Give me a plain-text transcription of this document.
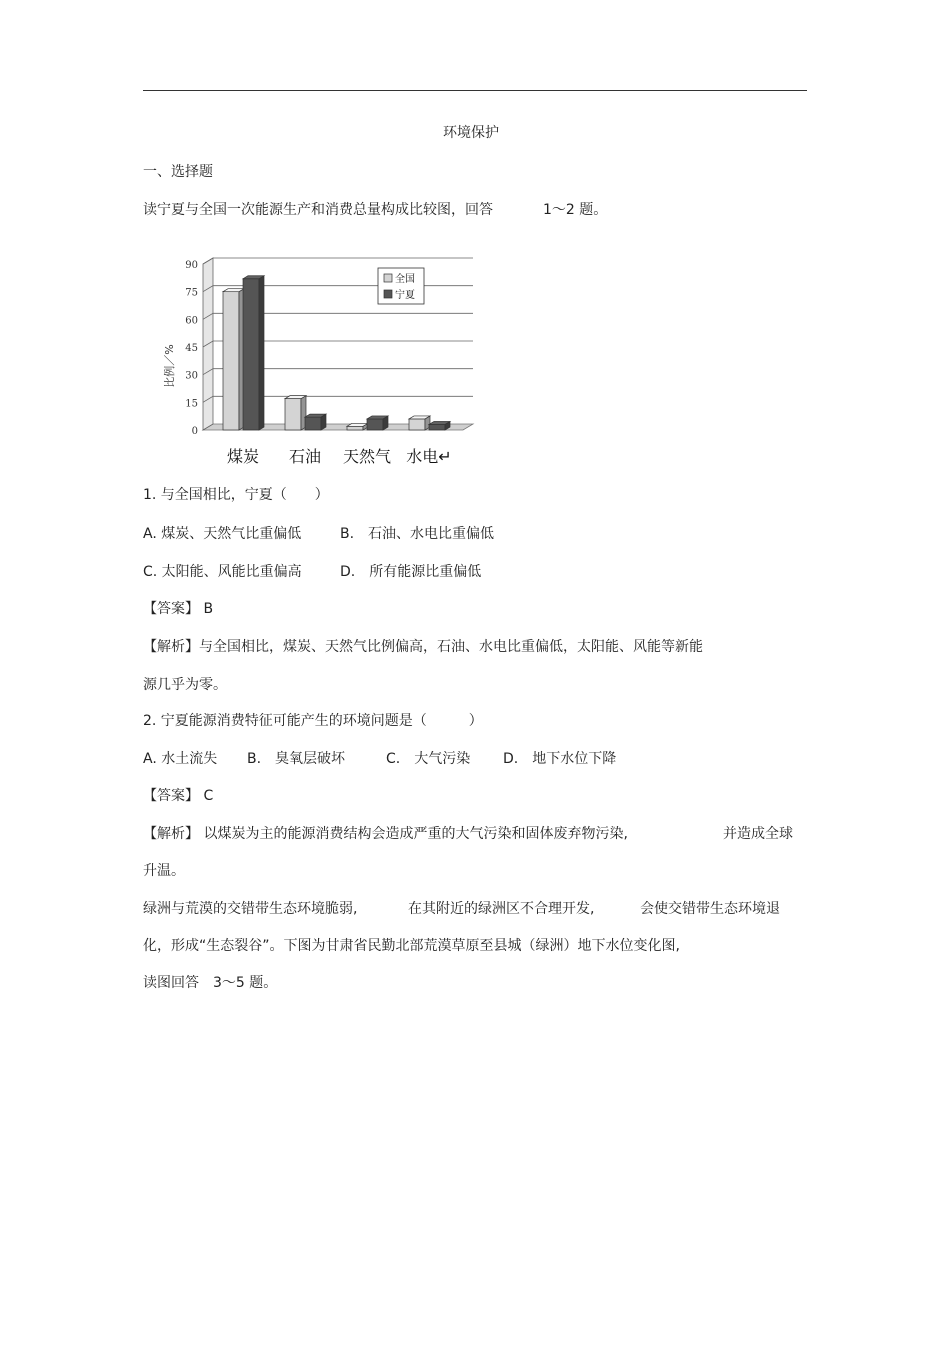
环境保护
一、选择题
读宁夏与全国一次能源生产和消费总量构成比较图，回答	1～2 题。
0
15
30
45
60
75
90
煤炭 石油 天然气 水电↵
全国
宁夏
比例／%
1. 与全国相比，宁夏（　　）
A. 煤炭、天然气比重偏低	B.　石油、水电比重偏低
C. 太阳能、风能比重偏高	D.　所有能源比重偏低
【答案】 B
【解析】与全国相比，煤炭、天然气比例偏高，石油、水电比重偏低，太阳能、风能等新能
源几乎为零。
2. 宁夏能源消费特征可能产生的环境问题是（　　　）
A. 水土流失 B.　臭氧层破坏	C.　大气污染 D.　地下水位下降
【答案】 C
【解析】 以煤炭为主的能源消费结构会造成严重的大气污染和固体废弃物污染,	并造成全球
升温。
绿洲与荒漠的交错带生态环境脆弱,	在其附近的绿洲区不合理开发,	会使交错带生态环境退
化，形成“生态裂谷”。下图为甘肃省民勤北部荒漠草原至县城（绿洲）地下水位变化图,
读图回答　3～5 题。
